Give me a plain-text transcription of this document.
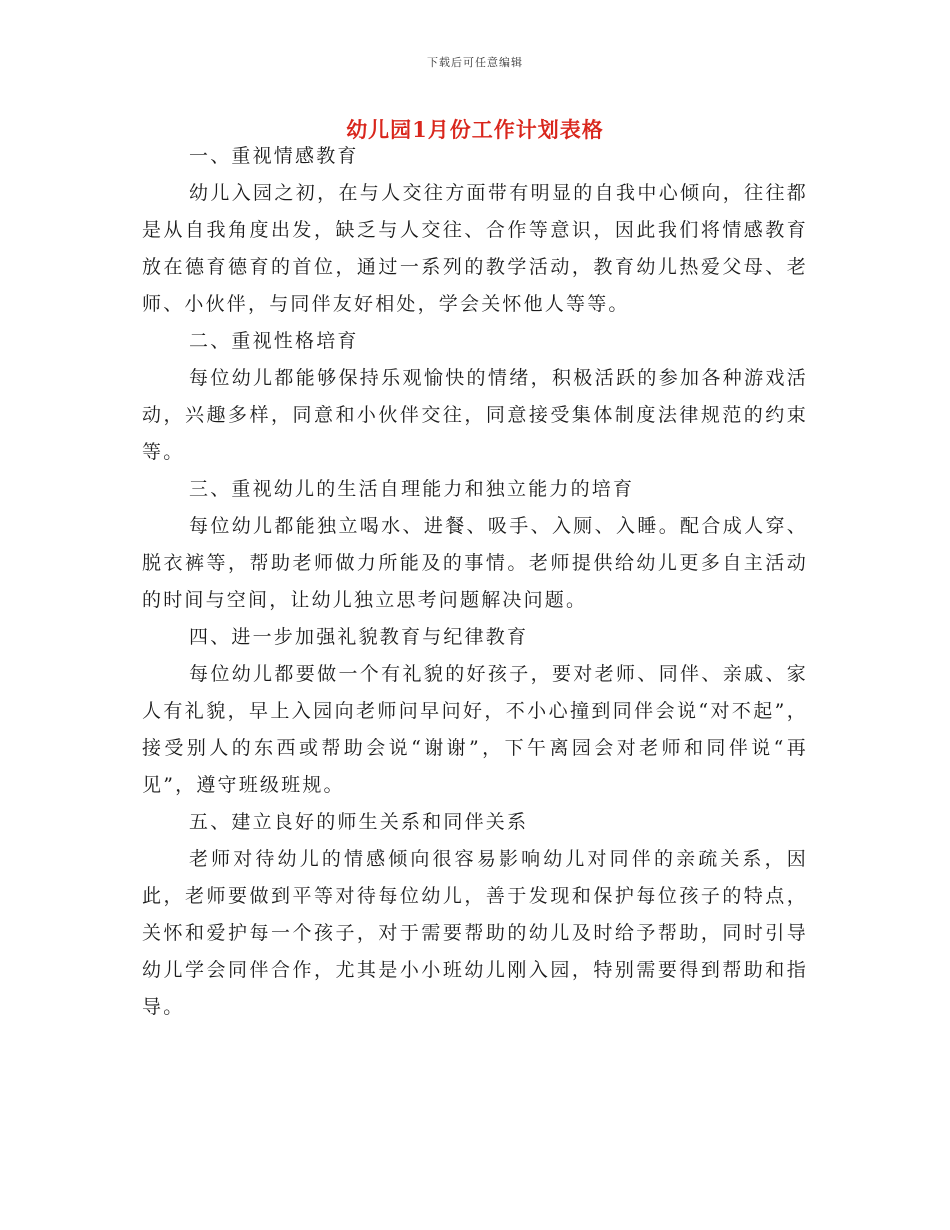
下载后可任意编辑
幼儿园1月份工作计划表格

一、重视情感教育

幼儿入园之初，在与人交往方面带有明显的自我中心倾向，往往都是从自我角度出发，缺乏与人交往、合作等意识，因此我们将情感教育放在德育德育的首位，通过一系列的教学活动，教育幼儿热爱父母、老师、小伙伴，与同伴友好相处，学会关怀他人等等。

二、重视性格培育

每位幼儿都能够保持乐观愉快的情绪，积极活跃的参加各种游戏活动，兴趣多样，同意和小伙伴交往，同意接受集体制度法律规范的约束等。

三、重视幼儿的生活自理能力和独立能力的培育

每位幼儿都能独立喝水、进餐、吸手、入厕、入睡。配合成人穿、脱衣裤等，帮助老师做力所能及的事情。老师提供给幼儿更多自主活动的时间与空间，让幼儿独立思考问题解决问题。

四、进一步加强礼貌教育与纪律教育

每位幼儿都要做一个有礼貌的好孩子，要对老师、同伴、亲戚、家人有礼貌，早上入园向老师问早问好，不小心撞到同伴会说“对不起”，接受别人的东西或帮助会说“谢谢”，下午离园会对老师和同伴说“再见”，遵守班级班规。

五、建立良好的师生关系和同伴关系

老师对待幼儿的情感倾向很容易影响幼儿对同伴的亲疏关系，因此，老师要做到平等对待每位幼儿，善于发现和保护每位孩子的特点，关怀和爱护每一个孩子，对于需要帮助的幼儿及时给予帮助，同时引导幼儿学会同伴合作，尤其是小小班幼儿刚入园，特别需要得到帮助和指导。
